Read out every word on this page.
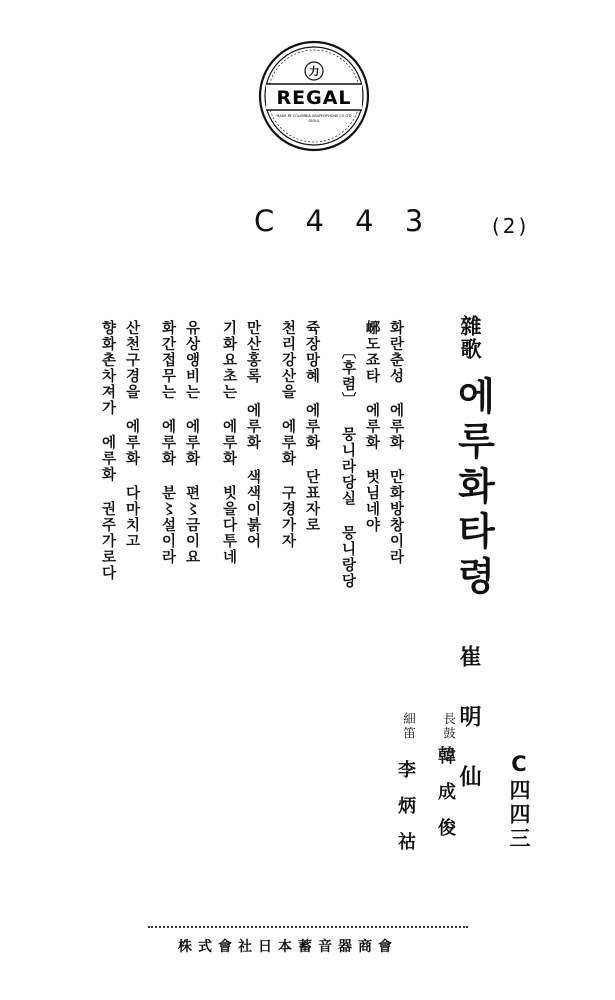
力
REGAL
MADE BY COLUMBIA GRAPHOPHONE CO LTD
SEOUL
C 4 4 3	(2)
雜歌
에루화타령
화란춘성 에루화 만화방창이라
峫도죠타 에루화 벗님네야
〔후렴〕 뭉니라당실 뭉니랑당
쥭장망혜 에루화 단표자로
천리강산을 에루화 구경가자
만산홍록 에루화 색색이붉어
기화요초는 에루화 빗을다투네
유상앵비는 에루화 편〻금이요
화간접무는 에루화 분〻설이라
산천구경을 에루화 다마치고
향화촌차져가 에루화 권주가로다
崔明仙
長鼓
韓成俊
細笛
李炳祜	C四四三
株式會社日本蓄音器商會
